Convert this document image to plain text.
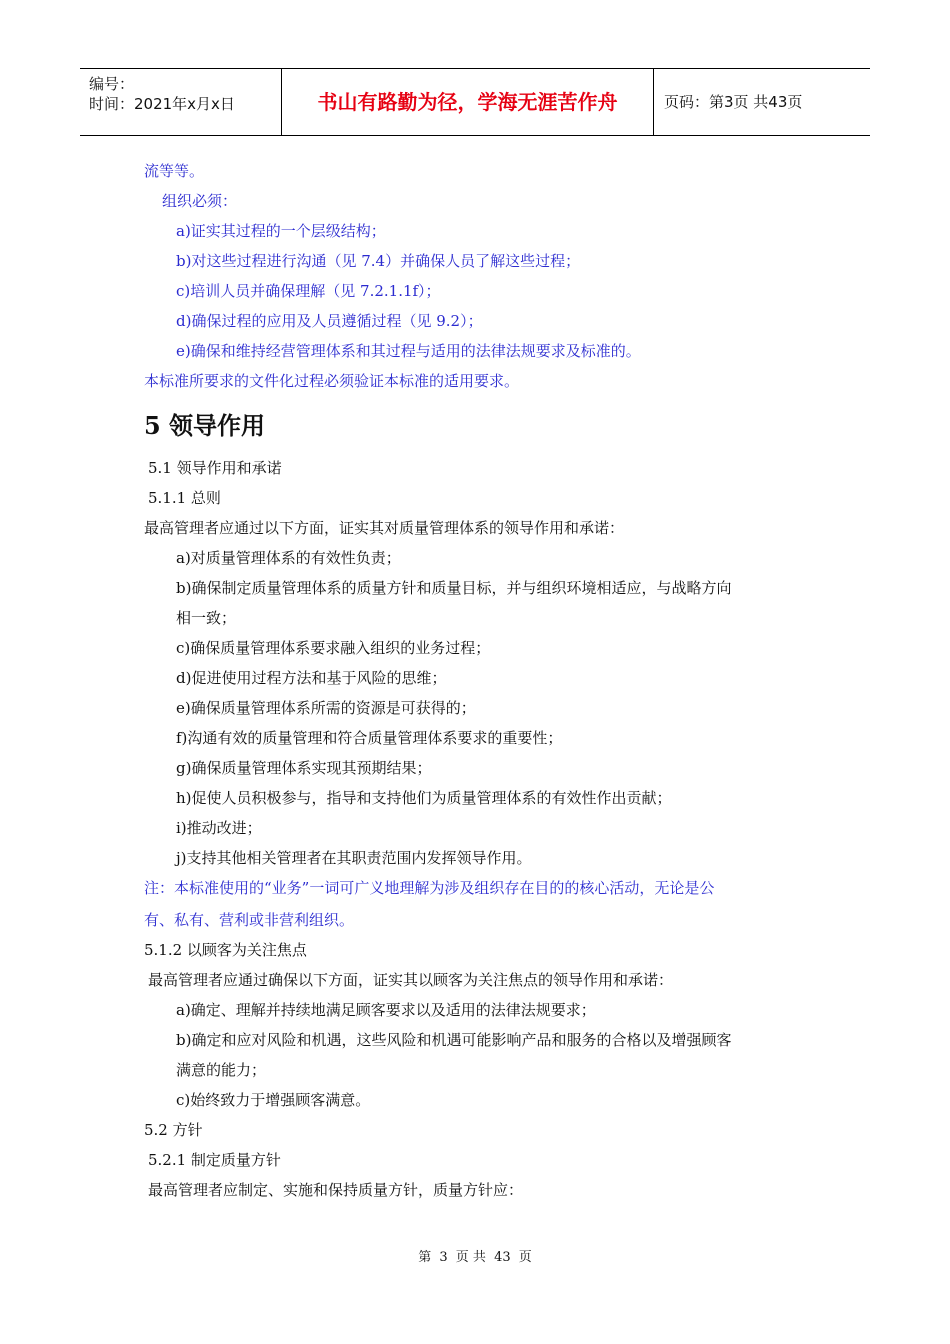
编号：
时间：2021年x月x日	书山有路勤为径，学海无涯苦作舟	页码：第3页 共43页
流等等。
组织必须：
a)证实其过程的一个层级结构；
b)对这些过程进行沟通（见 7.4）并确保人员了解这些过程；
c)培训人员并确保理解（见 7.2.1.1f）；
d)确保过程的应用及人员遵循过程（见 9.2）；
e)确保和维持经营管理体系和其过程与适用的法律法规要求及标准的。
本标准所要求的文件化过程必须验证本标准的适用要求。
5 领导作用
5.1 领导作用和承诺
5.1.1 总则
最高管理者应通过以下方面，证实其对质量管理体系的领导作用和承诺：
a)对质量管理体系的有效性负责；
b)确保制定质量管理体系的质量方针和质量目标，并与组织环境相适应，与战略方向
相一致；
c)确保质量管理体系要求融入组织的业务过程；
d)促进使用过程方法和基于风险的思维；
e)确保质量管理体系所需的资源是可获得的；
f)沟通有效的质量管理和符合质量管理体系要求的重要性；
g)确保质量管理体系实现其预期结果；
h)促使人员积极参与，指导和支持他们为质量管理体系的有效性作出贡献；
i)推动改进；
j)支持其他相关管理者在其职责范围内发挥领导作用。
注：本标准使用的“业务”一词可广义地理解为涉及组织存在目的的核心活动，无论是公
有、私有、营利或非营利组织。
5.1.2 以顾客为关注焦点
最高管理者应通过确保以下方面，证实其以顾客为关注焦点的领导作用和承诺：
a)确定、理解并持续地满足顾客要求以及适用的法律法规要求；
b)确定和应对风险和机遇，这些风险和机遇可能影响产品和服务的合格以及增强顾客
满意的能力；
c)始终致力于增强顾客满意。
5.2 方针
5.2.1 制定质量方针
最高管理者应制定、实施和保持质量方针，质量方针应：
第 3 页 共 43 页
